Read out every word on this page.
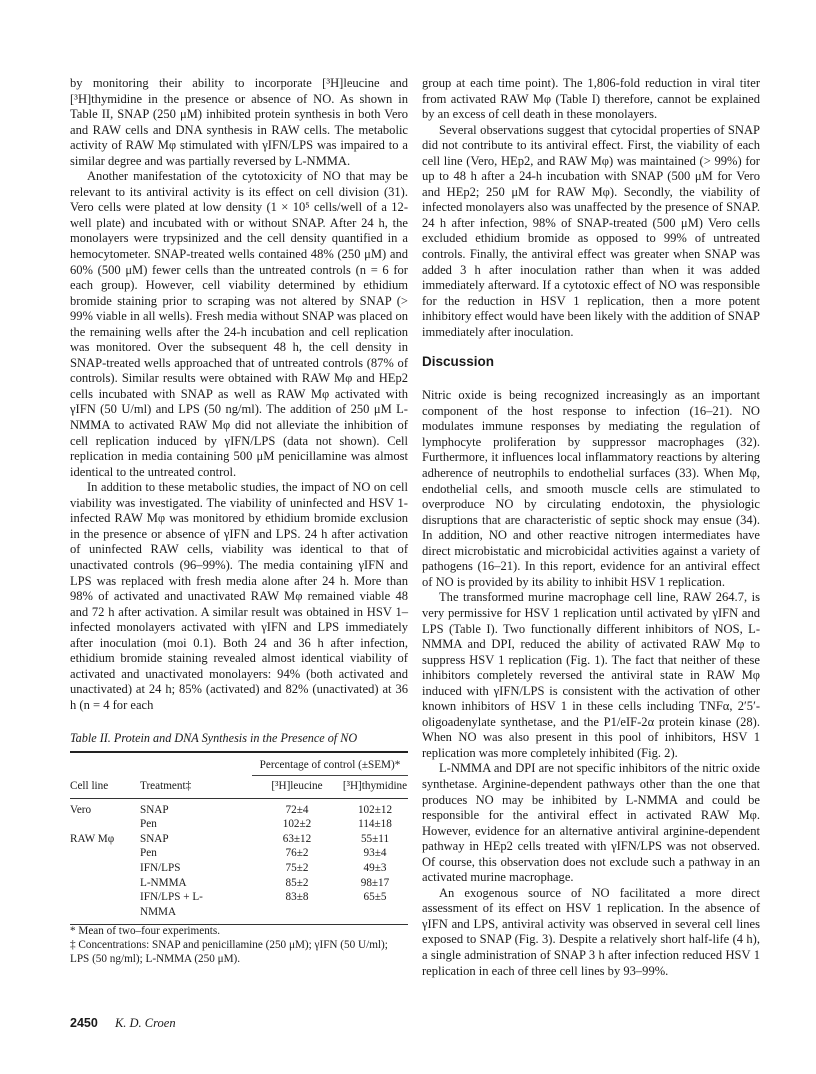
by monitoring their ability to incorporate [³H]leucine and [³H]thymidine in the presence or absence of NO. As shown in Table II, SNAP (250 μM) inhibited protein synthesis in both Vero and RAW cells and DNA synthesis in RAW cells. The metabolic activity of RAW Mφ stimulated with γIFN/LPS was impaired to a similar degree and was partially reversed by L-NMMA.

Another manifestation of the cytotoxicity of NO that may be relevant to its antiviral activity is its effect on cell division (31). Vero cells were plated at low density (1 × 10⁵ cells/well of a 12-well plate) and incubated with or without SNAP. After 24 h, the monolayers were trypsinized and the cell density quantified in a hemocytometer. SNAP-treated wells contained 48% (250 μM) and 60% (500 μM) fewer cells than the untreated controls (n = 6 for each group). However, cell viability determined by ethidium bromide staining prior to scraping was not altered by SNAP (> 99% viable in all wells). Fresh media without SNAP was placed on the remaining wells after the 24-h incubation and cell replication was monitored. Over the subsequent 48 h, the cell density in SNAP-treated wells approached that of untreated controls (87% of controls). Similar results were obtained with RAW Mφ and HEp2 cells incubated with SNAP as well as RAW Mφ activated with γIFN (50 U/ml) and LPS (50 ng/ml). The addition of 250 μM L-NMMA to activated RAW Mφ did not alleviate the inhibition of cell replication induced by γIFN/LPS (data not shown). Cell replication in media containing 500 μM penicillamine was almost identical to the untreated control.

In addition to these metabolic studies, the impact of NO on cell viability was investigated. The viability of uninfected and HSV 1-infected RAW Mφ was monitored by ethidium bromide exclusion in the presence or absence of γIFN and LPS. 24 h after activation of uninfected RAW cells, viability was identical to that of unactivated controls (96–99%). The media containing γIFN and LPS was replaced with fresh media alone after 24 h. More than 98% of activated and unactivated RAW Mφ remained viable 48 and 72 h after activation. A similar result was obtained in HSV 1–infected monolayers activated with γIFN and LPS immediately after inoculation (moi 0.1). Both 24 and 36 h after infection, ethidium bromide staining revealed almost identical viability of activated and unactivated monolayers: 94% (both activated and unactivated) at 24 h; 85% (activated) and 82% (unactivated) at 36 h (n = 4 for each

Table II. Protein and DNA Synthesis in the Presence of NO
		Percentage of control (±SEM)*	
Cell line	Treatment‡	[³H]leucine	[³H]thymidine
Vero	SNAP	72±4	102±12
	Pen	102±2	114±18
RAW Mφ	SNAP	63±12	55±11
	Pen	76±2	93±4
	IFN/LPS	75±2	49±3
	L-NMMA	85±2	98±17
	IFN/LPS + L-NMMA	83±8	65±5

* Mean of two–four experiments.

‡ Concentrations: SNAP and penicillamine (250 μM); γIFN (50 U/ml); LPS (50 ng/ml); L-NMMA (250 μM).

group at each time point). The 1,806-fold reduction in viral titer from activated RAW Mφ (Table I) therefore, cannot be explained by an excess of cell death in these monolayers.

Several observations suggest that cytocidal properties of SNAP did not contribute to its antiviral effect. First, the viability of each cell line (Vero, HEp2, and RAW Mφ) was maintained (> 99%) for up to 48 h after a 24-h incubation with SNAP (500 μM for Vero and HEp2; 250 μM for RAW Mφ). Secondly, the viability of infected monolayers also was unaffected by the presence of SNAP. 24 h after infection, 98% of SNAP-treated (500 μM) Vero cells excluded ethidium bromide as opposed to 99% of untreated controls. Finally, the antiviral effect was greater when SNAP was added 3 h after inoculation rather than when it was added immediately afterward. If a cytotoxic effect of NO was responsible for the reduction in HSV 1 replication, then a more potent inhibitory effect would have been likely with the addition of SNAP immediately after inoculation.

Discussion

Nitric oxide is being recognized increasingly as an important component of the host response to infection (16–21). NO modulates immune responses by mediating the regulation of lymphocyte proliferation by suppressor macrophages (32). Furthermore, it influences local inflammatory reactions by altering adherence of neutrophils to endothelial surfaces (33). When Mφ, endothelial cells, and smooth muscle cells are stimulated to overproduce NO by circulating endotoxin, the physiologic disruptions that are characteristic of septic shock may ensue (34). In addition, NO and other reactive nitrogen intermediates have direct microbistatic and microbicidal activities against a variety of pathogens (16–21). In this report, evidence for an antiviral effect of NO is provided by its ability to inhibit HSV 1 replication.

The transformed murine macrophage cell line, RAW 264.7, is very permissive for HSV 1 replication until activated by γIFN and LPS (Table I). Two functionally different inhibitors of NOS, L-NMMA and DPI, reduced the ability of activated RAW Mφ to suppress HSV 1 replication (Fig. 1). The fact that neither of these inhibitors completely reversed the antiviral state in RAW Mφ induced with γIFN/LPS is consistent with the activation of other known inhibitors of HSV 1 in these cells including TNFα, 2′5′-oligoadenylate synthetase, and the P1/eIF-2α protein kinase (28). When NO was also present in this pool of inhibitors, HSV 1 replication was more completely inhibited (Fig. 2).

L-NMMA and DPI are not specific inhibitors of the nitric oxide synthetase. Arginine-dependent pathways other than the one that produces NO may be inhibited by L-NMMA and could be responsible for the antiviral effect in activated RAW Mφ. However, evidence for an alternative antiviral arginine-dependent pathway in HEp2 cells treated with γIFN/LPS was not observed. Of course, this observation does not exclude such a pathway in an activated murine macrophage.

An exogenous source of NO facilitated a more direct assessment of its effect on HSV 1 replication. In the absence of γIFN and LPS, antiviral activity was observed in several cell lines exposed to SNAP (Fig. 3). Despite a relatively short half-life (4 h), a single administration of SNAP 3 h after infection reduced HSV 1 replication in each of three cell lines by 93–99%.

2450 K. D. Croen
